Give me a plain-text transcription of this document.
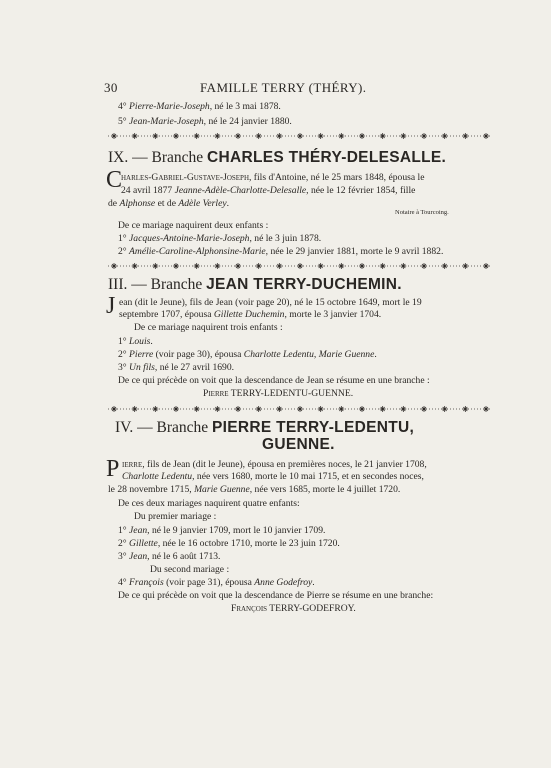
30	FAMILLE TERRY (THÉRY).
4° Pierre-Marie-Joseph, né le 3 mai 1878.
5° Jean-Marie-Joseph, né le 24 janvier 1880.
IX. — Branche CHARLES THÉRY-DELESALLE.
C
harles-Gabriel-Gustave-Joseph, fils d'Antoine, né le 25 mars 1848, épousa le
24 avril 1877 Jeanne-Adèle-Charlotte-Delesalle, née le 12 février 1854, fille
de Alphonse et de Adèle Verley.
Notaire à Tourcoing.
De ce mariage naquirent deux enfants :
1° Jacques-Antoine-Marie-Joseph, né le 3 juin 1878.
2° Amélie-Caroline-Alphonsine-Marie, née le 29 janvier 1881, morte le 9 avril 1882.
III. — Branche JEAN TERRY-DUCHEMIN.
J ean (dit le Jeune), fils de Jean (voir page 20), né le 15 octobre 1649, mort le 19
septembre 1707, épousa Gillette Duchemin, morte le 3 janvier 1704.
De ce mariage naquirent trois enfants :
1° Louis.
2° Pierre (voir page 30), épousa Charlotte Ledentu, Marie Guenne.
3° Un fils, né le 27 avril 1690.
De ce qui précède on voit que la descendance de Jean se résume en une branche :
Pierre TERRY-LEDENTU-GUENNE.
IV. — Branche PIERRE TERRY-LEDENTU,
GUENNE.
P ierre, fils de Jean (dit le Jeune), épousa en premières noces, le 21 janvier 1708,
Charlotte Ledentu, née vers 1680, morte le 10 mai 1715, et en secondes noces,
le 28 novembre 1715, Marie Guenne, née vers 1685, morte le 4 juillet 1720.
De ces deux mariages naquirent quatre enfants:
Du premier mariage :
1° Jean, né le 9 janvier 1709, mort le 10 janvier 1709.
2° Gillette, née le 16 octobre 1710, morte le 23 juin 1720.
3° Jean, né le 6 août 1713.
Du second mariage :
4° François (voir page 31), épousa Anne Godefroy.
De ce qui précède on voit que la descendance de Pierre se résume en une branche:
François TERRY-GODEFROY.
